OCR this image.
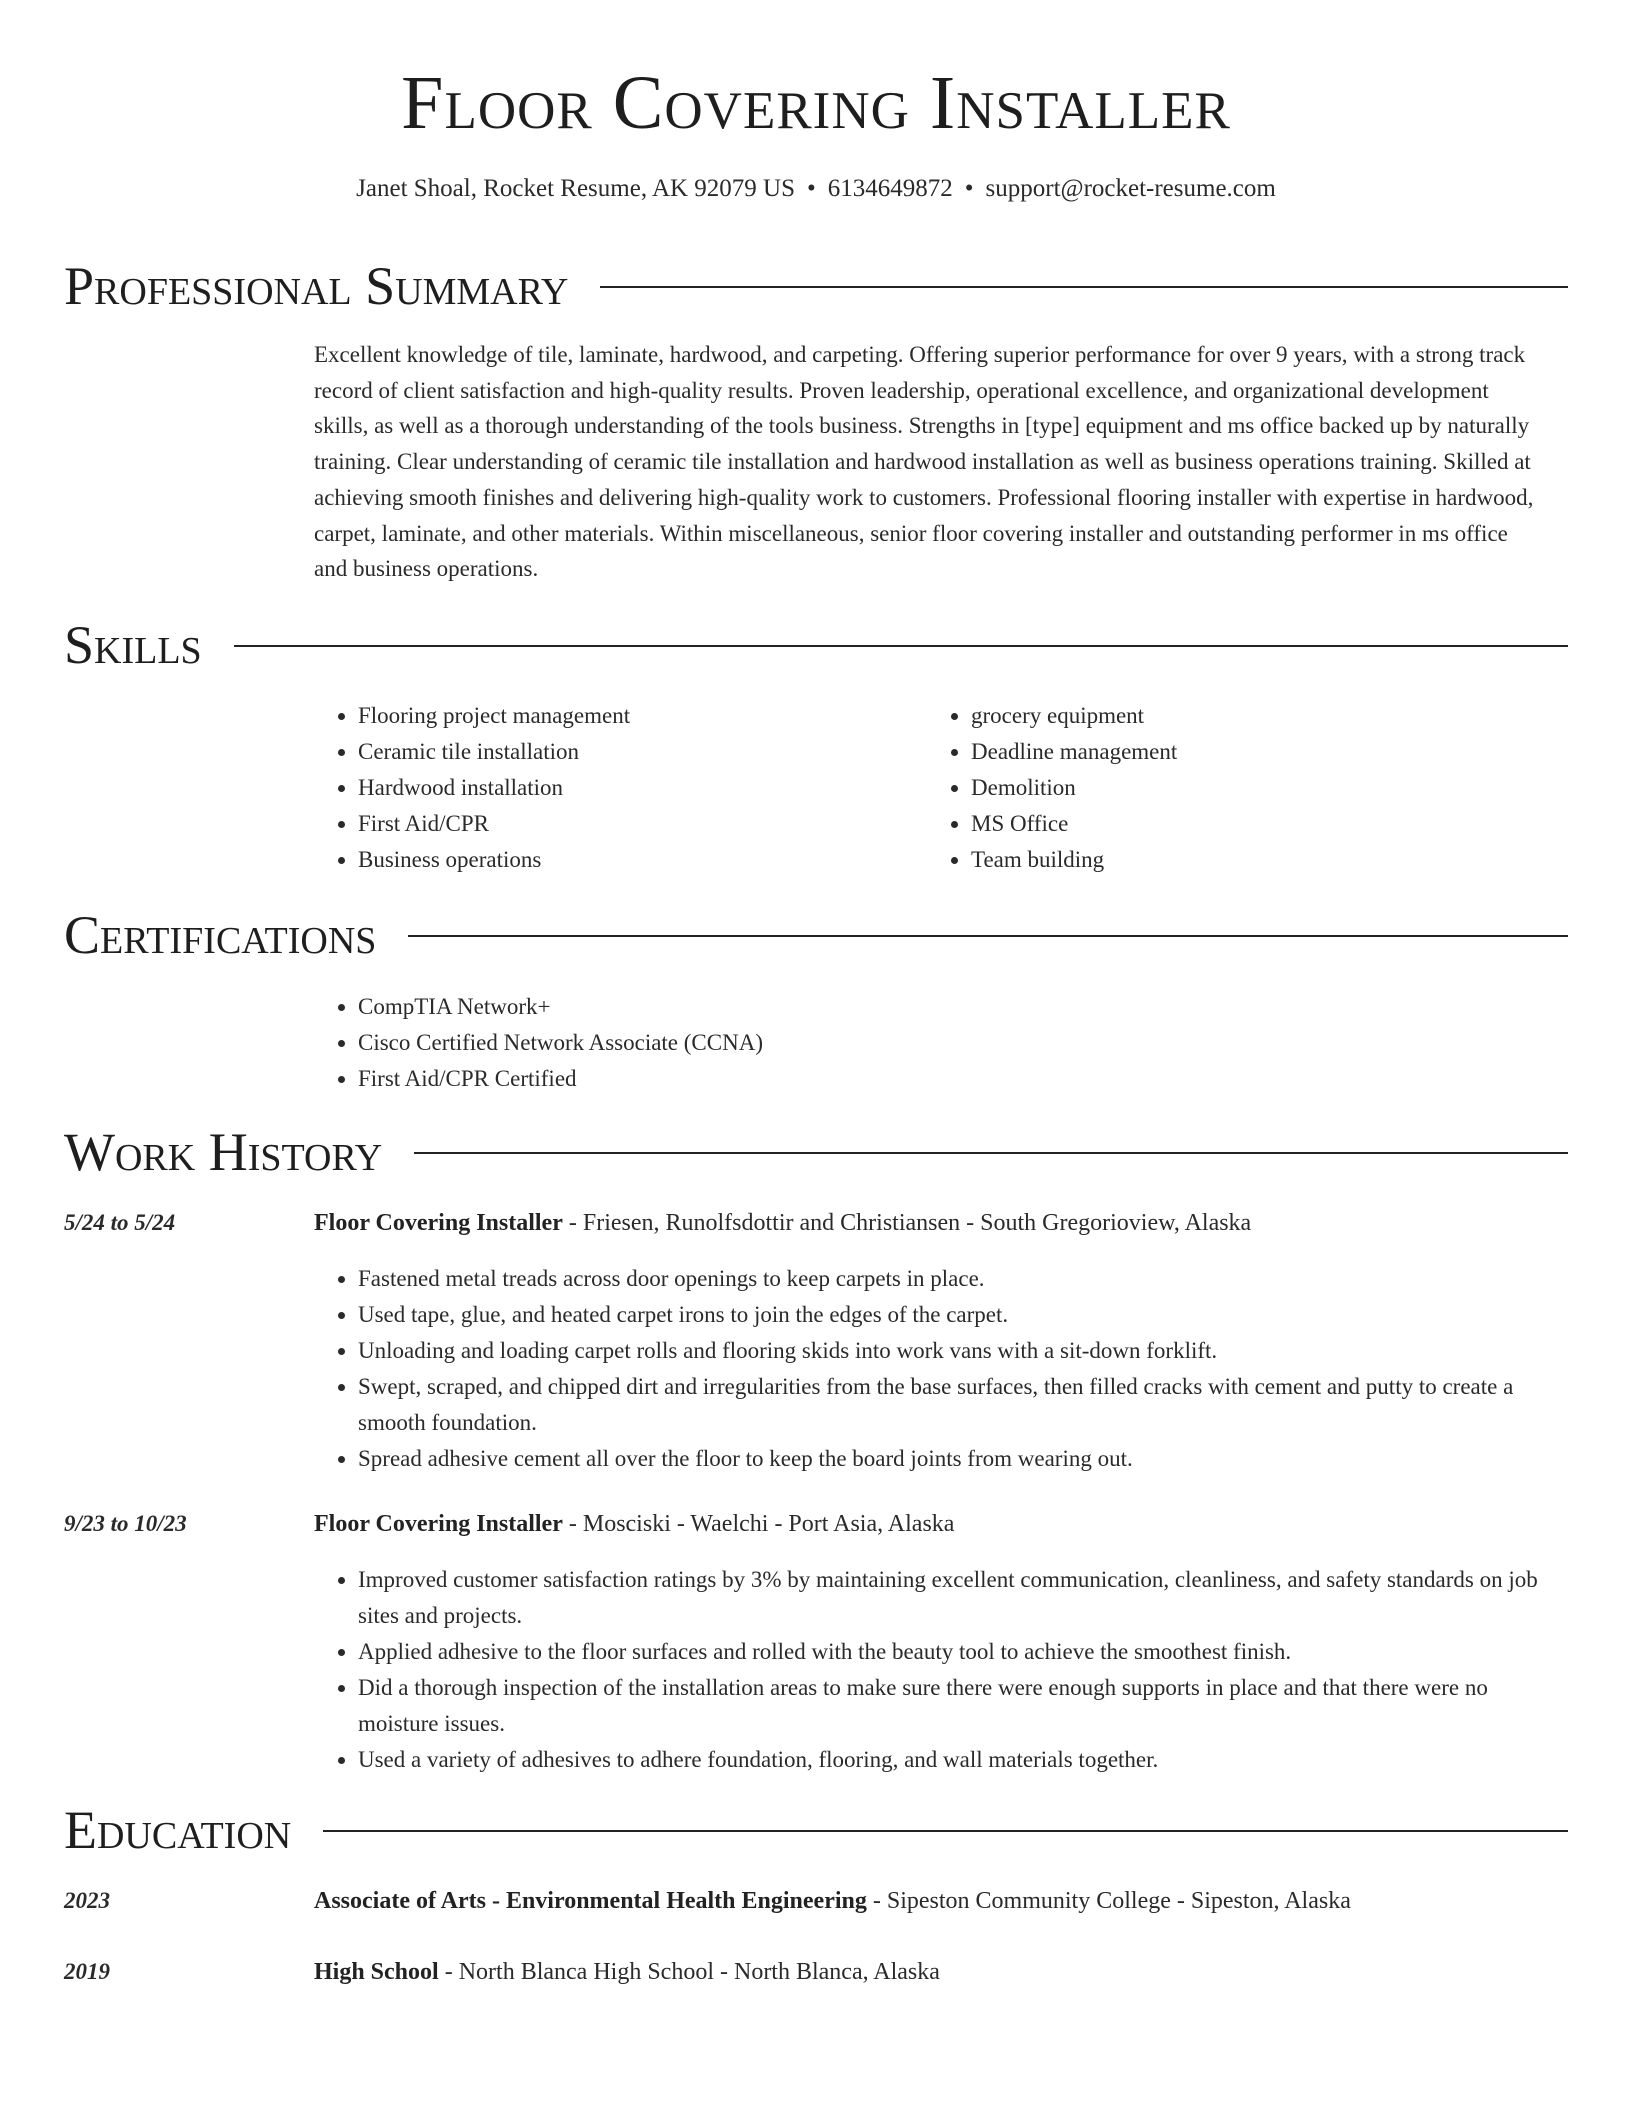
Floor Covering Installer
Janet Shoal, Rocket Resume, AK 92079 US • 6134649872 • support@rocket-resume.com
Professional Summary
Excellent knowledge of tile, laminate, hardwood, and carpeting. Offering superior performance for over 9 years, with a strong track record of client satisfaction and high-quality results. Proven leadership, operational excellence, and organizational development skills, as well as a thorough understanding of the tools business. Strengths in [type] equipment and ms office backed up by naturally training. Clear understanding of ceramic tile installation and hardwood installation as well as business operations training. Skilled at achieving smooth finishes and delivering high-quality work to customers. Professional flooring installer with expertise in hardwood, carpet, laminate, and other materials. Within miscellaneous, senior floor covering installer and outstanding performer in ms office and business operations.
Skills
• Flooring project management
• Ceramic tile installation
• Hardwood installation
• First Aid/CPR
• Business operations
• grocery equipment
• Deadline management
• Demolition
• MS Office
• Team building
Certifications
• CompTIA Network+
• Cisco Certified Network Associate (CCNA)
• First Aid/CPR Certified
Work History
5/24 to 5/24	Floor Covering Installer - Friesen, Runolfsdottir and Christiansen - South Gregorioview, Alaska
• Fastened metal treads across door openings to keep carpets in place.
• Used tape, glue, and heated carpet irons to join the edges of the carpet.
• Unloading and loading carpet rolls and flooring skids into work vans with a sit-down forklift.
• Swept, scraped, and chipped dirt and irregularities from the base surfaces, then filled cracks with cement and putty to create a smooth foundation.
• Spread adhesive cement all over the floor to keep the board joints from wearing out.
9/23 to 10/23	Floor Covering Installer - Mosciski - Waelchi - Port Asia, Alaska
• Improved customer satisfaction ratings by 3% by maintaining excellent communication, cleanliness, and safety standards on job sites and projects.
• Applied adhesive to the floor surfaces and rolled with the beauty tool to achieve the smoothest finish.
• Did a thorough inspection of the installation areas to make sure there were enough supports in place and that there were no moisture issues.
• Used a variety of adhesives to adhere foundation, flooring, and wall materials together.
Education
2023	Associate of Arts - Environmental Health Engineering - Sipeston Community College - Sipeston, Alaska
2019	High School - North Blanca High School - North Blanca, Alaska
